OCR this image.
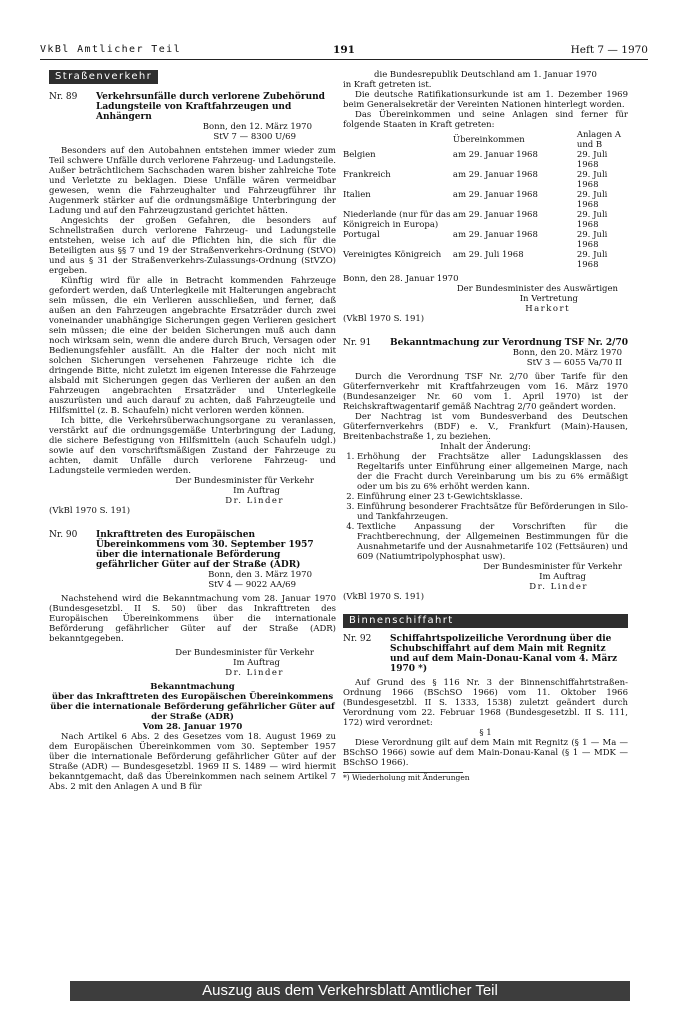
VkBl Amtlicher Teil	191	Heft 7 — 1970
Straßenverkehr
Nr. 89	Verkehrsunfälle durch verlorene Zubehörund Ladungsteile von Kraftfahrzeugen und Anhängern
Bonn, den 12. März 1970
StV 7 — 8300 U/69

Besonders auf den Autobahnen entstehen immer wieder zum Teil schwere Unfälle durch verlorene Fahrzeug- und Ladungsteile. Außer beträchtlichem Sachschaden waren bisher zahlreiche Tote und Verletzte zu beklagen. Diese Unfälle wären vermeidbar gewesen, wenn die Fahrzeughalter und Fahrzeugführer ihr Augenmerk stärker auf die ordnungsmäßige Unterbringung der Ladung und auf den Fahrzeugzustand gerichtet hätten.

Angesichts der großen Gefahren, die besonders auf Schnellstraßen durch verlorene Fahrzeug- und Ladungsteile entstehen, weise ich auf die Pflichten hin, die sich für die Beteiligten aus §§ 7 und 19 der Straßenverkehrs-Ordnung (StVO) und aus § 31 der Straßenverkehrs-Zulassungs-Ordnung (StVZO) ergeben.

Künftig wird für alle in Betracht kommenden Fahrzeuge gefordert werden, daß Unterlegkeile mit Halterungen angebracht sein müssen, die ein Verlieren ausschließen, und ferner, daß außen an den Fahrzeugen angebrachte Ersatzräder durch zwei voneinander unabhängige Sicherungen gegen Verlieren gesichert sein müssen; die eine der beiden Sicherungen muß auch dann noch wirksam sein, wenn die andere durch Bruch, Versagen oder Bedienungsfehler ausfällt. An die Halter der noch nicht mit solchen Sicherungen versehenen Fahrzeuge richte ich die dringende Bitte, nicht zuletzt im eigenen Interesse die Fahrzeuge alsbald mit Sicherungen gegen das Verlieren der außen an den Fahrzeugen angebrachten Ersatzräder und Unterlegkeile auszurüsten und auch darauf zu achten, daß Fahrzeugteile und Hilfsmittel (z. B. Schaufeln) nicht verloren werden können.

Ich bitte, die Verkehrsüberwachungsorgane zu veranlassen, verstärkt auf die ordnungsgemäße Unterbringung der Ladung, die sichere Befestigung von Hilfsmitteln (auch Schaufeln udgl.) sowie auf den vorschriftsmäßigen Zustand der Fahrzeuge zu achten, damit Unfälle durch verlorene Fahrzeug- und Ladungsteile vermieden werden.

Der Bundesminister für Verkehr
Im Auftrag
Dr. Linder
(VkBl 1970 S. 191)
Nr. 90	Inkrafttreten des Europäischen Übereinkommens vom 30. September 1957 über die internationale Beförderung gefährlicher Güter auf der Straße (ADR)
Bonn, den 3. März 1970
StV 4 — 9022 AA/69

Nachstehend wird die Bekanntmachung vom 28. Januar 1970 (Bundesgesetzbl. II S. 50) über das Inkrafttreten des Europäischen Übereinkommens über die internationale Beförderung gefährlicher Güter auf der Straße (ADR) bekanntgegeben.

Der Bundesminister für Verkehr
Im Auftrag
Dr. Linder
Bekanntmachung
über das Inkrafttreten des Europäischen Übereinkommens über die internationale Beförderung gefährlicher Güter auf der Straße (ADR)
Vom 28. Januar 1970

Nach Artikel 6 Abs. 2 des Gesetzes vom 18. August 1969 zu dem Europäischen Übereinkommen vom 30. September 1957 über die internationale Beförderung gefährlicher Güter auf der Straße (ADR) — Bundesgesetzbl. 1969 II S. 1489 — wird hiermit bekanntgemacht, daß das Übereinkommen nach seinem Artikel 7 Abs. 2 mit den Anlagen A und B für

die Bundesrepublik Deutschland am 1. Januar 1970
in Kraft getreten ist.

Die deutsche Ratifikationsurkunde ist am 1. Dezember 1969 beim Generalsekretär der Vereinten Nationen hinterlegt worden.

Das Übereinkommen und seine Anlagen sind ferner für folgende Staaten in Kraft getreten:

	Übereinkommen	Anlagen A und B
Belgien	am 29. Januar 1968	29. Juli 1968
Frankreich	am 29. Januar 1968	29. Juli 1968
Italien	am 29. Januar 1968	29. Juli 1968
Niederlande (nur für das Königreich in Europa)	am 29. Januar 1968	29. Juli 1968
Portugal	am 29. Januar 1968	29. Juli 1968
Vereinigtes Königreich	am 29. Juli 1968	29. Juli 1968
Bonn, den 28. Januar 1970
Der Bundesminister des Auswärtigen
In Vertretung
Harkort
(VkBl 1970 S. 191)
Nr. 91	Bekanntmachung zur Verordnung TSF Nr. 2/70
Bonn, den 20. März 1970
StV 3 — 6055 Va/70 II

Durch die Verordnung TSF Nr. 2/70 über Tarife für den Güterfernverkehr mit Kraftfahrzeugen vom 16. März 1970 (Bundesanzeiger Nr. 60 vom 1. April 1970) ist der Reichskraftwagentarif gemäß Nachtrag 2/70 geändert worden.

Der Nachtrag ist vom Bundesverband des Deutschen Güterfernverkehrs (BDF) e. V., Frankfurt (Main)-Hausen, Breitenbachstraße 1, zu beziehen.

Inhalt der Änderung:
1. Erhöhung der Frachtsätze aller Ladungsklassen des Regeltarifs unter Einführung einer allgemeinen Marge, nach der die Fracht durch Vereinbarung um bis zu 6% ermäßigt oder um bis zu 6% erhöht werden kann.
2. Einführung einer 23 t-Gewichtsklasse.
3. Einführung besonderer Frachtsätze für Beförderungen in Silo- und Tankfahrzeugen.
4. Textliche Anpassung der Vorschriften für die Frachtberechnung, der Allgemeinen Bestimmungen für die Ausnahmetarife und der Ausnahmetarife 102 (Fettsäuren) und 609 (Natiumtripolyphosphat usw).
Der Bundesminister für Verkehr
Im Auftrag
Dr. Linder
(VkBl 1970 S. 191)
Binnenschiffahrt
Nr. 92	Schiffahrtspolizeiliche Verordnung über die Schubschiffahrt auf dem Main mit Regnitz und auf dem Main-Donau-Kanal vom 4. März 1970 *)

Auf Grund des § 116 Nr. 3 der Binnenschiffahrtstraßen-Ordnung 1966 (BSchSO 1966) vom 11. Oktober 1966 (Bundesgesetzbl. II S. 1333, 1538) zuletzt geändert durch Verordnung vom 22. Februar 1968 (Bundesgesetzbl. II S. 111, 172) wird verordnet:

§ 1

Diese Verordnung gilt auf dem Main mit Regnitz (§ 1 — Ma — BSchSO 1966) sowie auf dem Main-Donau-Kanal (§ 1 — MDK — BSchSO 1966).

*) Wiederholung mit Änderungen
Auszug aus dem Verkehrsblatt Amtlicher Teil
